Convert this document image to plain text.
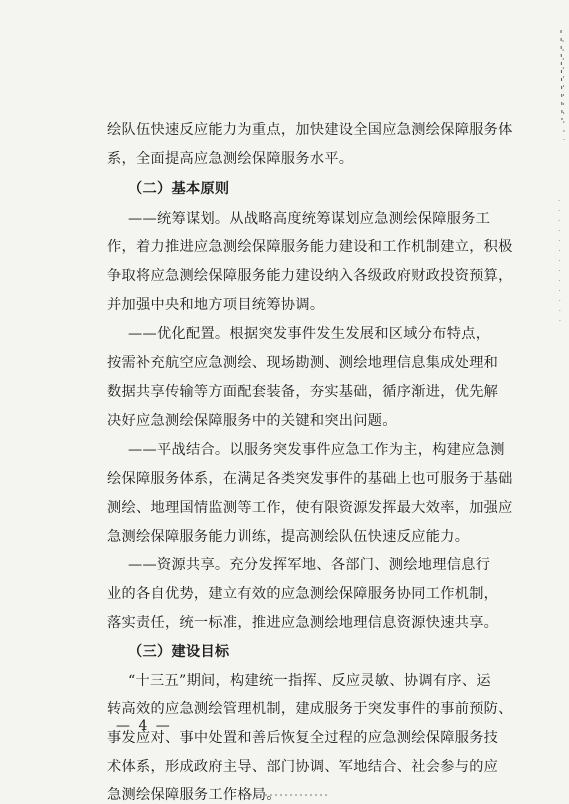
绘队伍快速反应能力为重点，加快建设全国应急测绘保障服务体
系，全面提高应急测绘保障服务水平。
（二）基本原则
——统筹谋划。从战略高度统筹谋划应急测绘保障服务工
作，着力推进应急测绘保障服务能力建设和工作机制建立，积极
争取将应急测绘保障服务能力建设纳入各级政府财政投资预算，
并加强中央和地方项目统筹协调。
——优化配置。根据突发事件发生发展和区域分布特点，
按需补充航空应急测绘、现场勘测、测绘地理信息集成处理和
数据共享传输等方面配套装备，夯实基础，循序渐进，优先解
决好应急测绘保障服务中的关键和突出问题。
——平战结合。以服务突发事件应急工作为主，构建应急测
绘保障服务体系，在满足各类突发事件的基础上也可服务于基础
测绘、地理国情监测等工作，使有限资源发挥最大效率，加强应
急测绘保障服务能力训练，提高测绘队伍快速反应能力。
——资源共享。充分发挥军地、各部门、测绘地理信息行
业的各自优势，建立有效的应急测绘保障服务协同工作机制，
落实责任，统一标准，推进应急测绘地理信息资源快速共享。
（三）建设目标
“十三五”期间，构建统一指挥、反应灵敏、协调有序、运
转高效的应急测绘管理机制，建成服务于突发事件的事前预防、
事发应对、事中处置和善后恢复全过程的应急测绘保障服务技
术体系，形成政府主导、部门协调、军地结合、社会参与的应
急测绘保障服务工作格局。
— 4 —
